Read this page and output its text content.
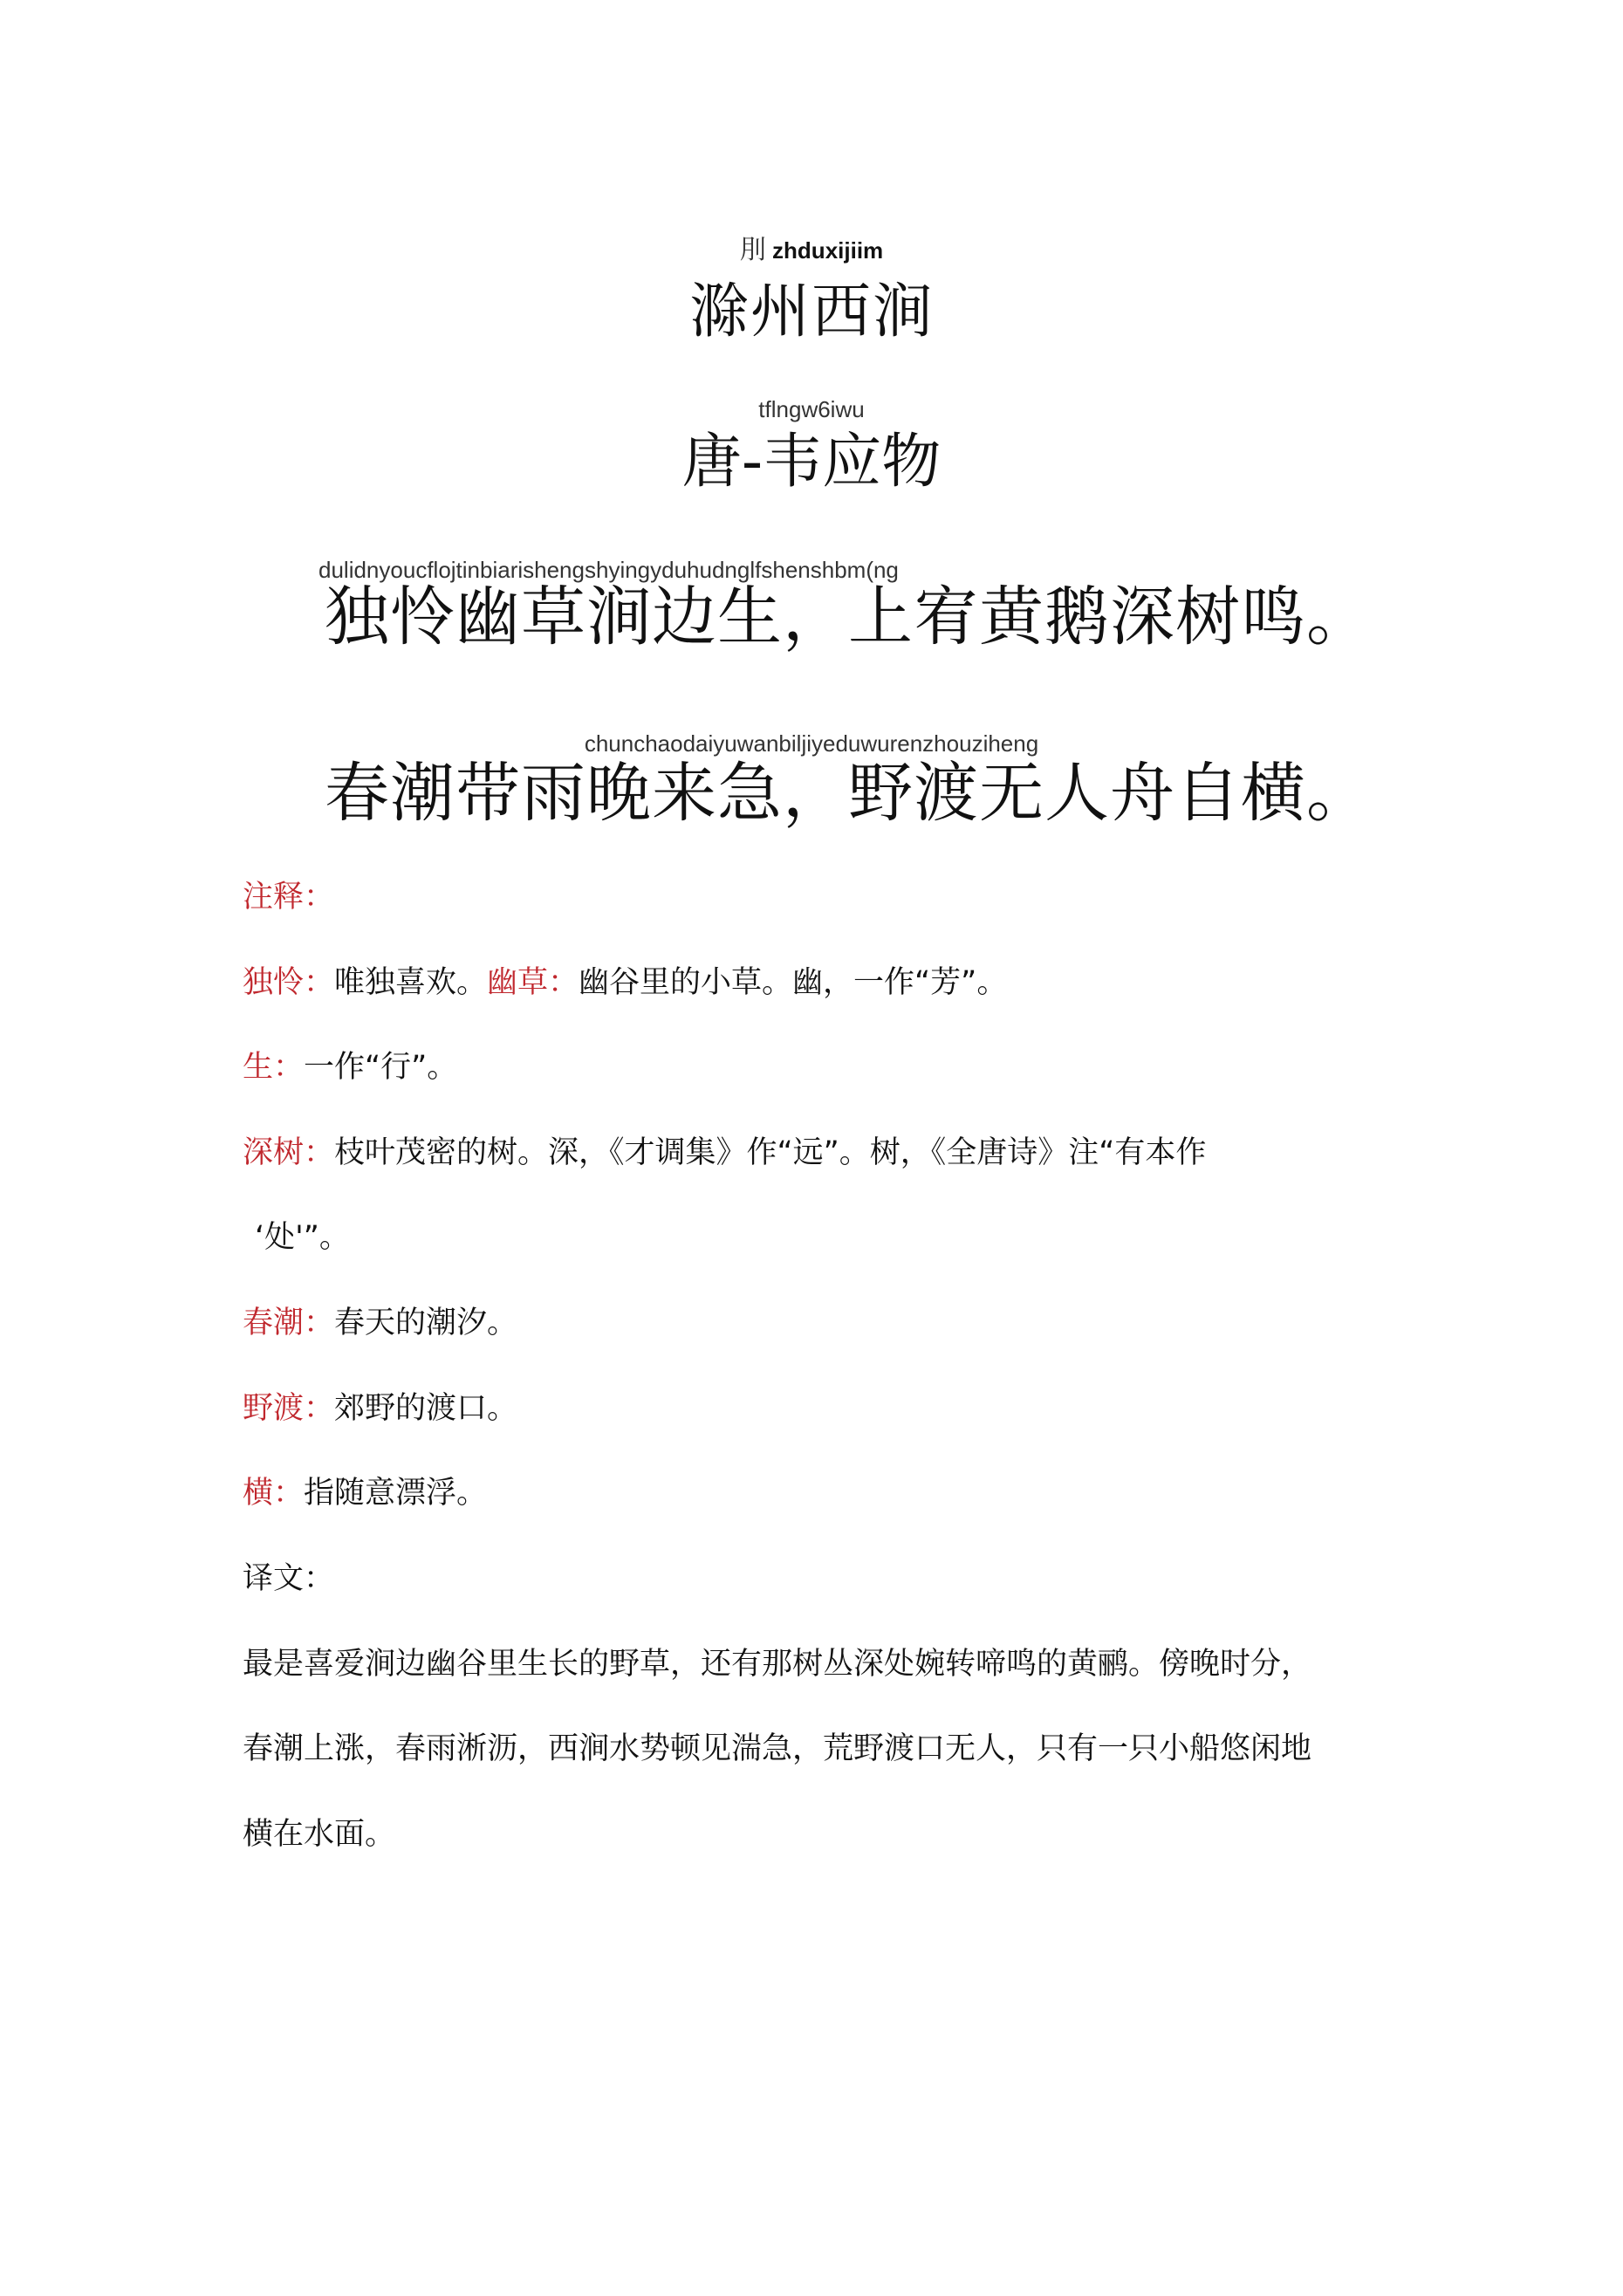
刖 zhduxijiim
滁州西涧
tflngw6iwu
唐-韦应物
dulidnyoucflojtinbiarishengshyingyduhudnglfshenshbm(ng
独怜幽草涧边生，上宥黄鹅深树鸣。
chunchaodaiyuwanbiljiyeduwurenzhouziheng
春潮带雨晚来急，野渡无人舟自横。
注释：
独怜：唯独喜欢。幽草：幽谷里的小草。幽，一作“芳”。
生：一作“行”。
深树：枝叶茂密的树。深，《才调集》作“远”。树，《全唐诗》注“有本作
‘处'”。
春潮：春天的潮汐。
野渡：郊野的渡口。
横：指随意漂浮。
译文：
最是喜爱涧边幽谷里生长的野草，还有那树丛深处婉转啼鸣的黄鹂。傍晚时分，
春潮上涨，春雨淅沥，西涧水势顿见湍急，荒野渡口无人，只有一只小船悠闲地
横在水面。
